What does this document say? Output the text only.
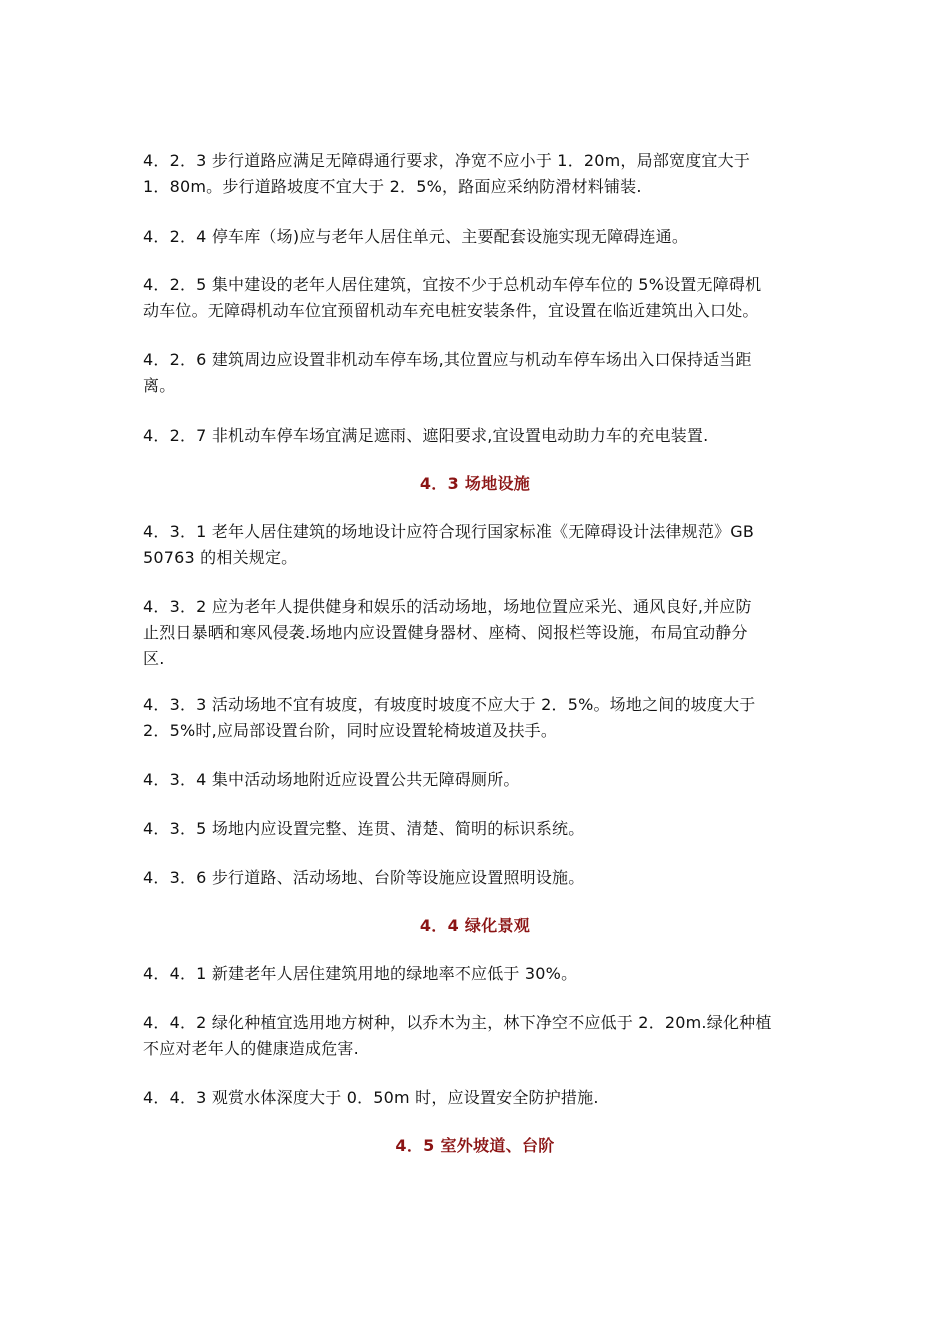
4．2．3 步行道路应满足无障碍通行要求，净宽不应小于 1．20m，局部宽度宜大于
1．80m。步行道路坡度不宜大于 2．5%，路面应采纳防滑材料铺装.
4．2．4 停车库（场)应与老年人居住单元、主要配套设施实现无障碍连通。
4．2．5 集中建设的老年人居住建筑，宜按不少于总机动车停车位的 5%设置无障碍机
动车位。无障碍机动车位宜预留机动车充电桩安装条件，宜设置在临近建筑出入口处。
4．2．6 建筑周边应设置非机动车停车场,其位置应与机动车停车场出入口保持适当距
离。
4．2．7 非机动车停车场宜满足遮雨、遮阳要求,宜设置电动助力车的充电装置.
4．3 场地设施
4．3．1 老年人居住建筑的场地设计应符合现行国家标准《无障碍设计法律规范》GB
50763 的相关规定。
4．3．2 应为老年人提供健身和娱乐的活动场地，场地位置应采光、通风良好,并应防
止烈日暴晒和寒风侵袭.场地内应设置健身器材、座椅、阅报栏等设施，布局宜动静分
区.
4．3．3 活动场地不宜有坡度，有坡度时坡度不应大于 2．5%。场地之间的坡度大于
2．5%时,应局部设置台阶，同时应设置轮椅坡道及扶手。
4．3．4 集中活动场地附近应设置公共无障碍厕所。
4．3．5 场地内应设置完整、连贯、清楚、简明的标识系统。
4．3．6 步行道路、活动场地、台阶等设施应设置照明设施。
4．4 绿化景观
4．4．1 新建老年人居住建筑用地的绿地率不应低于 30%。
4．4．2 绿化种植宜选用地方树种，以乔木为主，林下净空不应低于 2．20m.绿化种植
不应对老年人的健康造成危害.
4．4．3 观赏水体深度大于 0．50m 时，应设置安全防护措施.
4．5 室外坡道、台阶
